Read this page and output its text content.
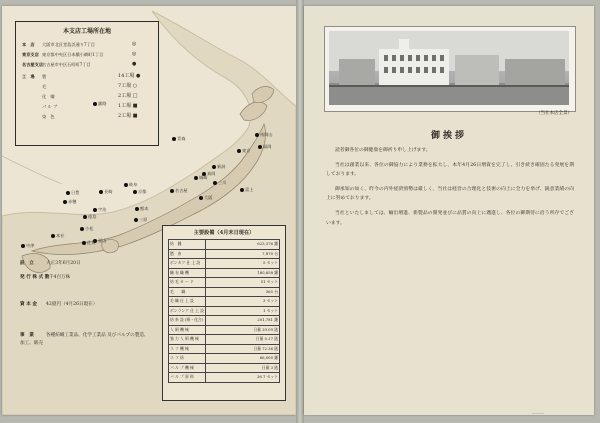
本支店工場所在地
本　店 大阪市北区堂島浜通り7丁目	◎
東京支店 東京都中央区日本橋小網町1丁目	◎
名古屋支店名古屋市中区石町町7丁目	●
工　場 製	14工場 ●
毛	7工場 ○
化　繊	2工場 □
パ ル プ	1工場 ■
染　色	2工場 ■
釧路
青森
南岡山
福岡
東京
新潟
真岡
城崎
名古屋
大阪
京都
岐阜
長崎
三川
富士
宇治	熊本
日豊
赤穂
徳島
小松
本社
中津
福山
佐賀
三原
主要設備（4月末日現在）
紡　錘	623,376 錘
撚　糸	7,870 台
ボンカツ 仕 上 設	5 セット
織 布 織 機	160,658 錘
紡 毛 カ ー ド	51 セット
毛　　織	365 台
毛 織 仕 上 設	3 セット
ボンランク 仕 上 設	1 セット
紡 糸 設 (絹・化合)	201,781 錘
人 絹 機 械	日量 29.09 瓲
強 力 人 絹 機 械	日量 5.27 瓲
ス フ 機 械	日量 72.36 瓲
ス フ 紡	66,000 錘
パ ル プ 機 械	日量 3 瓲
バ ル プ 原 料	26.7 セット
設　立	大正3年6月20日
発 行 株 式 数8千4百万株
資 本 金 42億円（4月26日現在）
事　業	各種紡織工業品、化学工業品 及びパルプの製造、加工、販売
（当社本店全景）
御挨拶

読者御各位の御健康を御祈り申し上げます。

当社は創業以来、各位の御協力により業務を拡大し、本年4月26日増資を完了し、引き続き確固たる発展を期しております。

御承知の如く、昨今の内外経済情勢は厳しく、当社は経営の合理化と技術の向上に全力を挙げ、鋭意業績の向上に努めております。

当社といたしましては、輸出増進、新製品の開発並びに品質の向上に邁進し、各位の御期待に沿う所存でございます。

———
